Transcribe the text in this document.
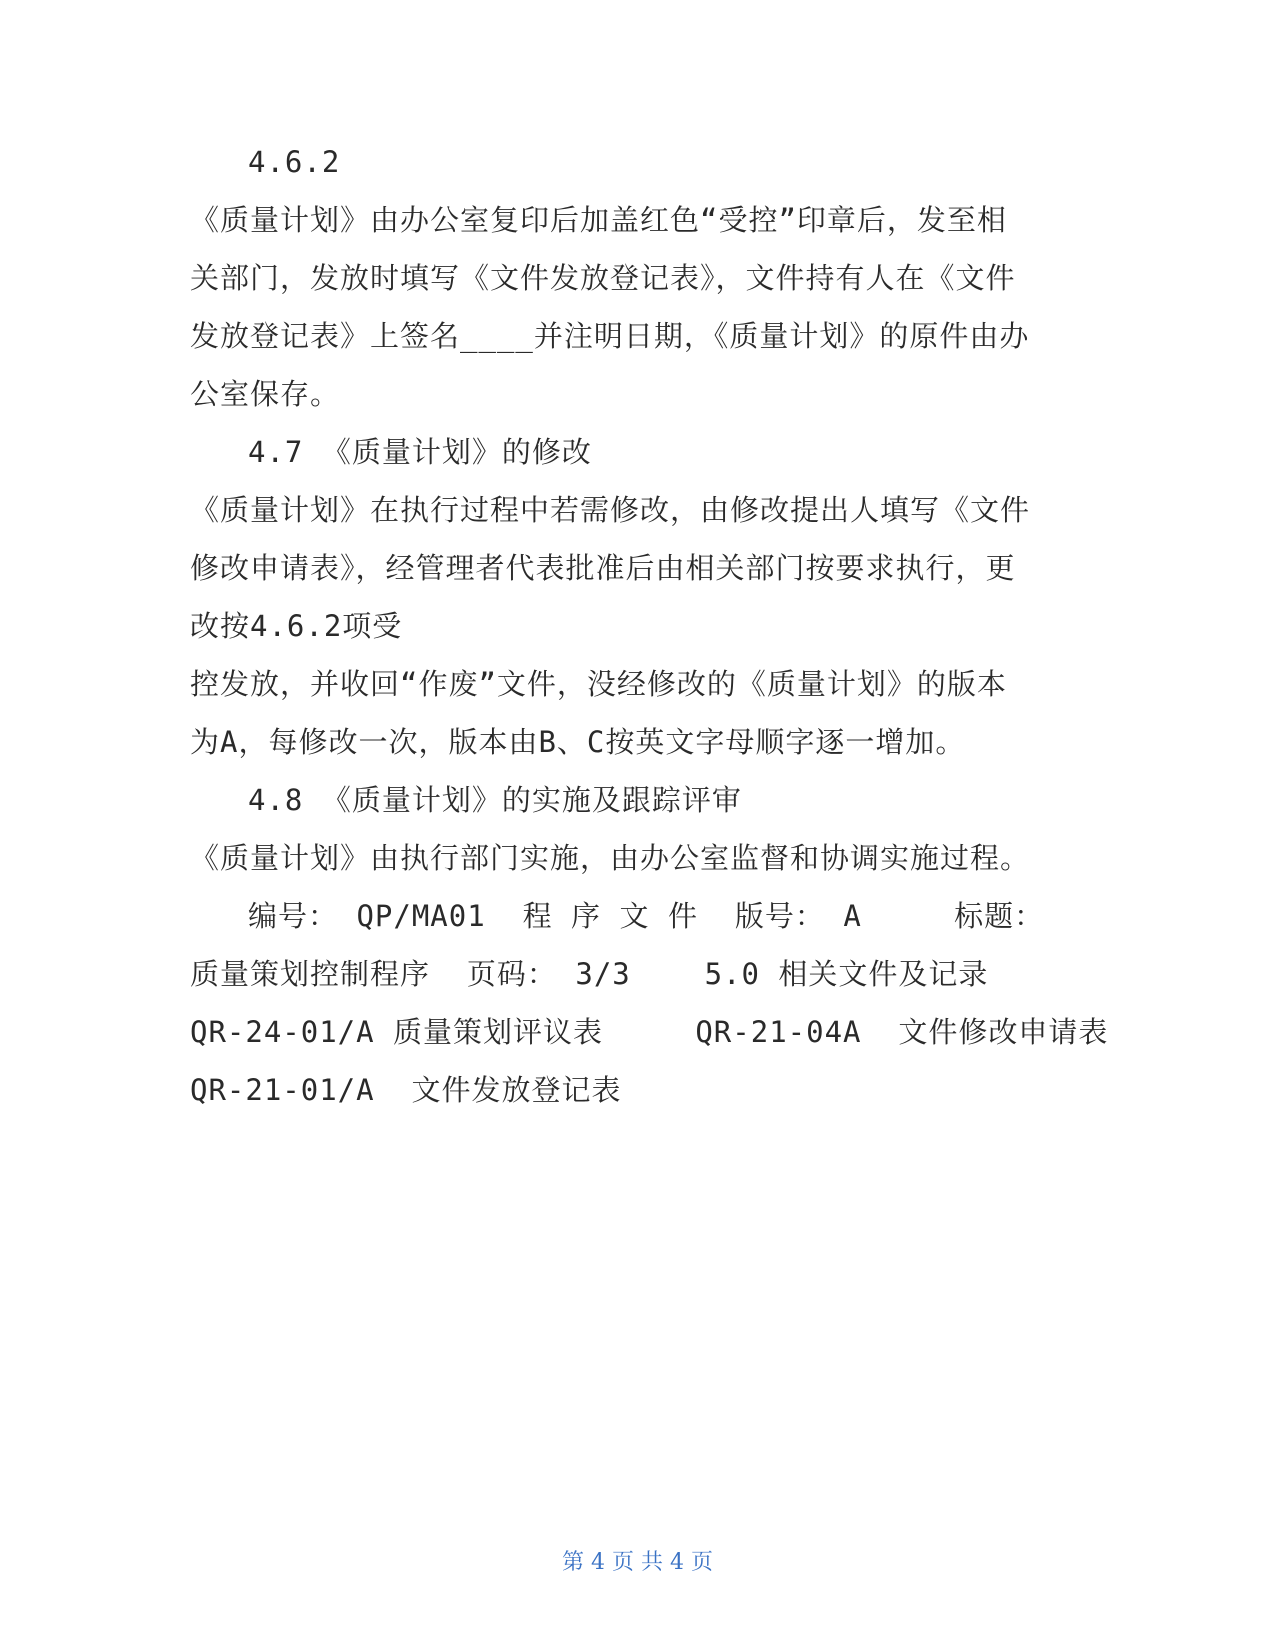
4.6.2
《质量计划》由办公室复印后加盖红色“受控”印章后，发至相
关部门，发放时填写《文件发放登记表》，文件持有人在《文件
发放登记表》上签名____并注明日期，《质量计划》的原件由办
公室保存。
4.7 《质量计划》的修改
《质量计划》在执行过程中若需修改，由修改提出人填写《文件
修改申请表》，经管理者代表批准后由相关部门按要求执行，更
改按4.6.2项受
控发放，并收回“作废”文件，没经修改的《质量计划》的版本
为A，每修改一次，版本由B、C按英文字母顺字逐一增加。
4.8 《质量计划》的实施及跟踪评审
《质量计划》由执行部门实施，由办公室监督和协调实施过程。
编号： QP/MA01  程 序 文 件  版号： A     标题：
质量策划控制程序  页码： 3/3    5.0 相关文件及记录
QR-24-01/A 质量策划评议表     QR-21-04A  文件修改申请表
QR-21-01/A  文件发放登记表
第 4 页 共 4 页
